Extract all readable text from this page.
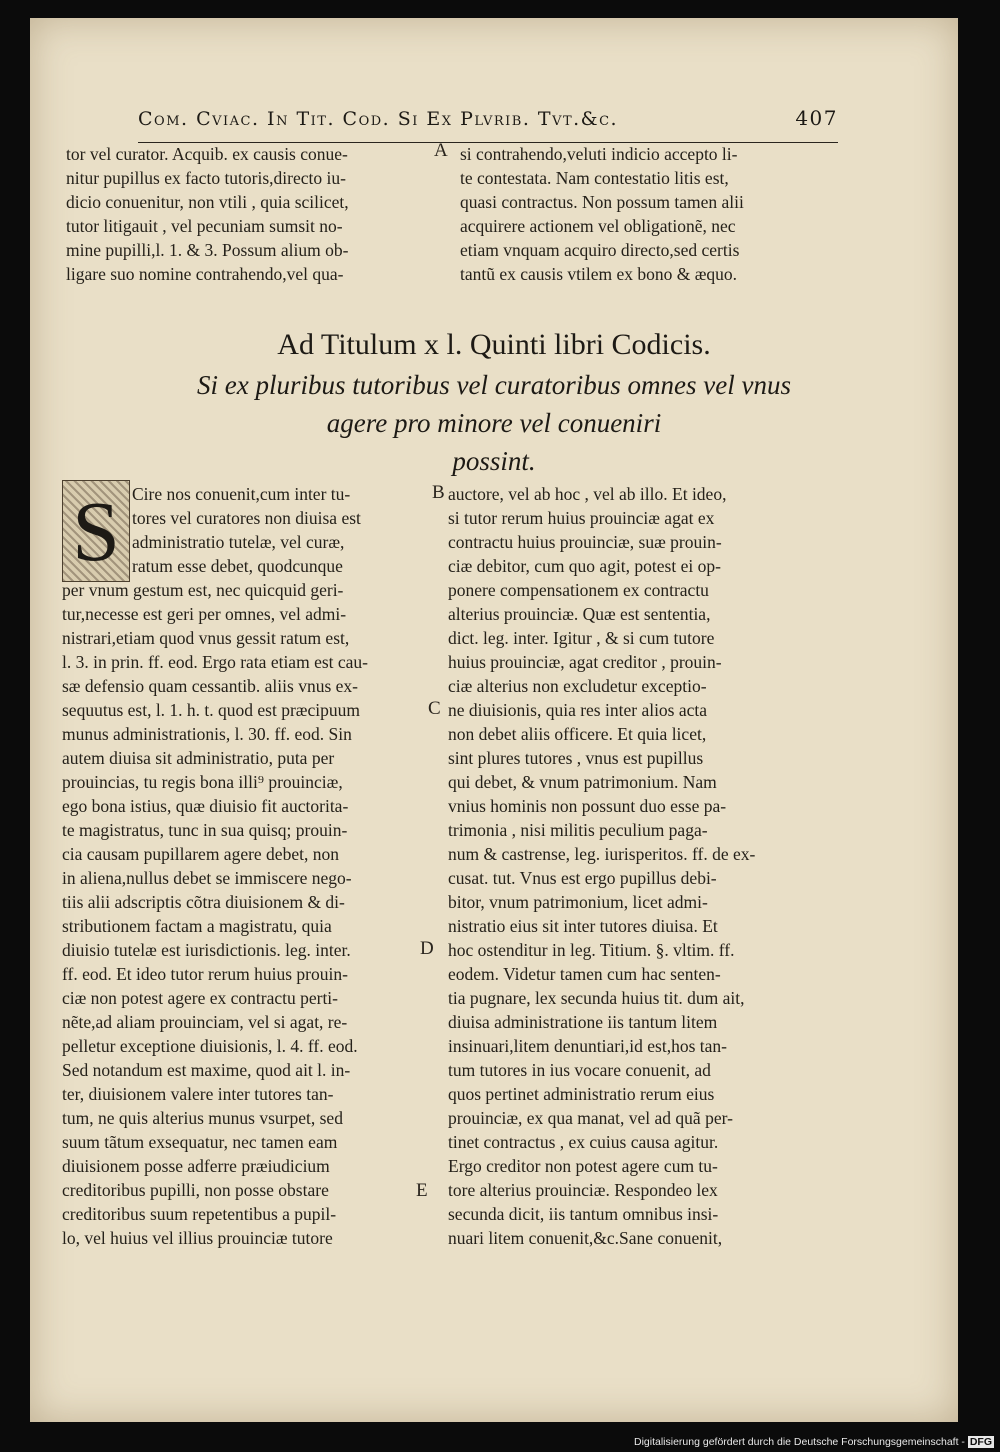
Com. Cviac. In Tit. Cod. Si Ex Plvrib. Tvt.&c.	407
tor vel curator. Acquib. ex causis conue-
nitur pupillus ex facto tutoris,directo iu-
dicio conuenitur, non vtili , quia scilicet,
tutor litigauit , vel pecuniam sumsit no-
mine pupilli,l. 1. & 3. Possum alium ob-
ligare suo nomine contrahendo,vel qua-
A si contrahendo,veluti indicio accepto li-
te contestata. Nam contestatio litis est,
quasi contractus. Non possum tamen alii
acquirere actionem vel obligationẽ, nec
etiam vnquam acquiro directo,sed certis
tantũ ex causis vtilem ex bono & æquo.
Ad Titulum x l. Quinti libri Codicis.
Si ex pluribus tutoribus vel curatoribus omnes vel vnus
agere pro minore vel conueniri
possint.
S Cire nos conuenit,cum inter tu-
tores vel curatores non diuisa est
administratio tutelæ, vel curæ,
ratum esse debet, quodcunque
per vnum gestum est, nec quicquid geri-
tur,necesse est geri per omnes, vel admi-
nistrari,etiam quod vnus gessit ratum est,
l. 3. in prin. ff. eod. Ergo rata etiam est cau-
sæ defensio quam cessantib. aliis vnus ex-
sequutus est, l. 1. h. t. quod est præcipuum
munus administrationis, l. 30. ff. eod. Sin
autem diuisa sit administratio, puta per
prouincias, tu regis bona illi⁹ prouinciæ,
ego bona istius, quæ diuisio fit auctorita-
te magistratus, tunc in sua quisq; prouin-
cia causam pupillarem agere debet, non
in aliena,nullus debet se immiscere nego-
tiis alii adscriptis cõtra diuisionem & di-
stributionem factam a magistratu, quia
diuisio tutelæ est iurisdictionis. leg. inter.
ff. eod. Et ideo tutor rerum huius prouin-
ciæ non potest agere ex contractu perti-
nẽte,ad aliam prouinciam, vel si agat, re-
pelletur exceptione diuisionis, l. 4. ff. eod.
Sed notandum est maxime, quod ait l. in-
ter, diuisionem valere inter tutores tan-
tum, ne quis alterius munus vsurpet, sed
suum tãtum exsequatur, nec tamen eam
diuisionem posse adferre præiudicium
creditoribus pupilli, non posse obstare
creditoribus suum repetentibus a pupil-
lo, vel huius vel illius prouinciæ tutore
B
C
D
E
auctore, vel ab hoc , vel ab illo. Et ideo,
si tutor rerum huius prouinciæ agat ex
contractu huius prouinciæ, suæ prouin-
ciæ debitor, cum quo agit, potest ei op-
ponere compensationem ex contractu
alterius prouinciæ. Quæ est sententia,
dict. leg. inter. Igitur , & si cum tutore
huius prouinciæ, agat creditor , prouin-
ciæ alterius non excludetur exceptio-
ne diuisionis, quia res inter alios acta
non debet aliis officere. Et quia licet,
sint plures tutores , vnus est pupillus
qui debet, & vnum patrimonium. Nam
vnius hominis non possunt duo esse pa-
trimonia , nisi militis peculium paga-
num & castrense, leg. iurisperitos. ff. de ex-
cusat. tut. Vnus est ergo pupillus debi-
bitor, vnum patrimonium, licet admi-
nistratio eius sit inter tutores diuisa. Et
hoc ostenditur in leg. Titium. §. vltim. ff.
eodem. Videtur tamen cum hac senten-
tia pugnare, lex secunda huius tit. dum ait,
diuisa administratione iis tantum litem
insinuari,litem denuntiari,id est,hos tan-
tum tutores in ius vocare conuenit, ad
quos pertinet administratio rerum eius
prouinciæ, ex qua manat, vel ad quã per-
tinet contractus , ex cuius causa agitur.
Ergo creditor non potest agere cum tu-
tore alterius prouinciæ. Respondeo lex
secunda dicit, iis tantum omnibus insi-
nuari litem conuenit,&c.Sane conuenit,
Digitalisierung gefördert durch die Deutsche Forschungsgemeinschaft - DFG
